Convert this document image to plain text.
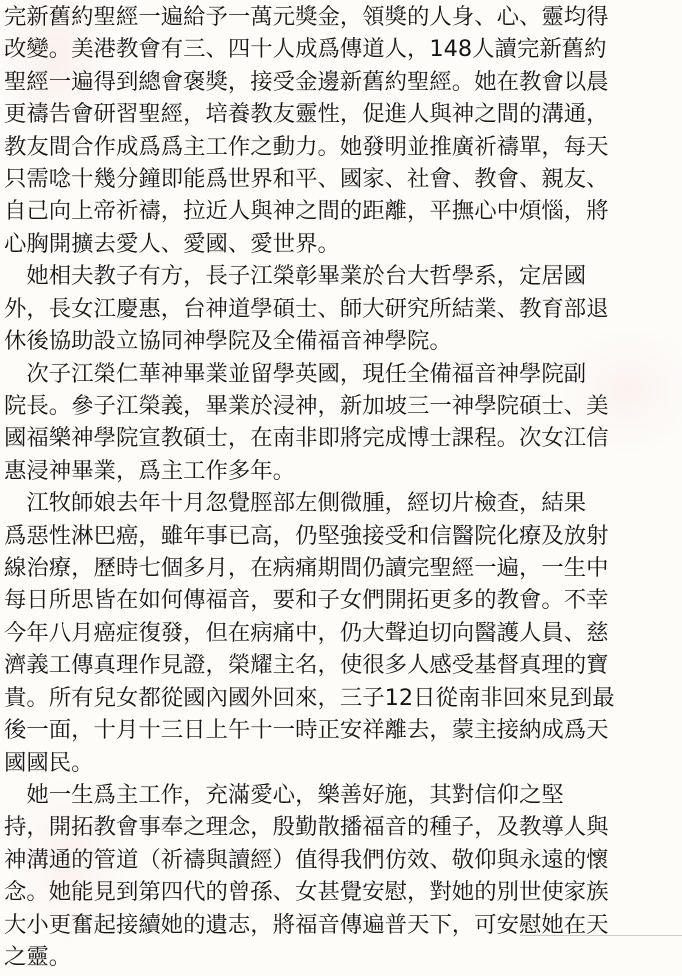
完新舊約聖經一遍給予一萬元獎金，領獎的人身、心、靈均得
改變。美港教會有三、四十人成爲傳道人，148人讀完新舊約
聖經一遍得到總會褒獎，接受金邊新舊約聖經。她在教會以晨
更禱告會研習聖經，培養教友靈性，促進人與神之間的溝通，
教友間合作成爲爲主工作之動力。她發明並推廣祈禱單，每天
只需唸十幾分鐘即能爲世界和平、國家、社會、教會、親友、
自己向上帝祈禱，拉近人與神之間的距離，平撫心中煩惱，將
心胸開擴去愛人、愛國、愛世界。
　她相夫教子有方，長子江榮彰畢業於台大哲學系，定居國
外，長女江慶惠，台神道學碩士、師大研究所結業、教育部退
休後協助設立協同神學院及全備福音神學院。
　次子江榮仁華神畢業並留學英國，現任全備福音神學院副
院長。參子江榮義，畢業於浸神，新加坡三一神學院碩士、美
國福樂神學院宣教碩士，在南非即將完成博士課程。次女江信
惠浸神畢業，爲主工作多年。
　江牧師娘去年十月忽覺脛部左側微腫，經切片檢查，結果
爲惡性淋巴癌，雖年事已高，仍堅強接受和信醫院化療及放射
線治療，歷時七個多月，在病痛期間仍讀完聖經一遍，一生中
每日所思皆在如何傳福音，要和子女們開拓更多的教會。不幸
今年八月癌症復發，但在病痛中，仍大聲迫切向醫護人員、慈
濟義工傳真理作見證，榮耀主名，使很多人感受基督真理的寶
貴。所有兒女都從國內國外回來，三子12日從南非回來見到最
後一面，十月十三日上午十一時正安祥離去，蒙主接納成爲天
國國民。
　她一生爲主工作，充滿愛心，樂善好施，其對信仰之堅
持，開拓教會事奉之理念，殷勤散播福音的種子，及教導人與
神溝通的管道（祈禱與讀經）值得我們仿效、敬仰與永遠的懷
念。她能見到第四代的曾孫、女甚覺安慰，對她的別世使家族
大小更奮起接續她的遺志，將福音傳遍普天下，可安慰她在天
之靈。
